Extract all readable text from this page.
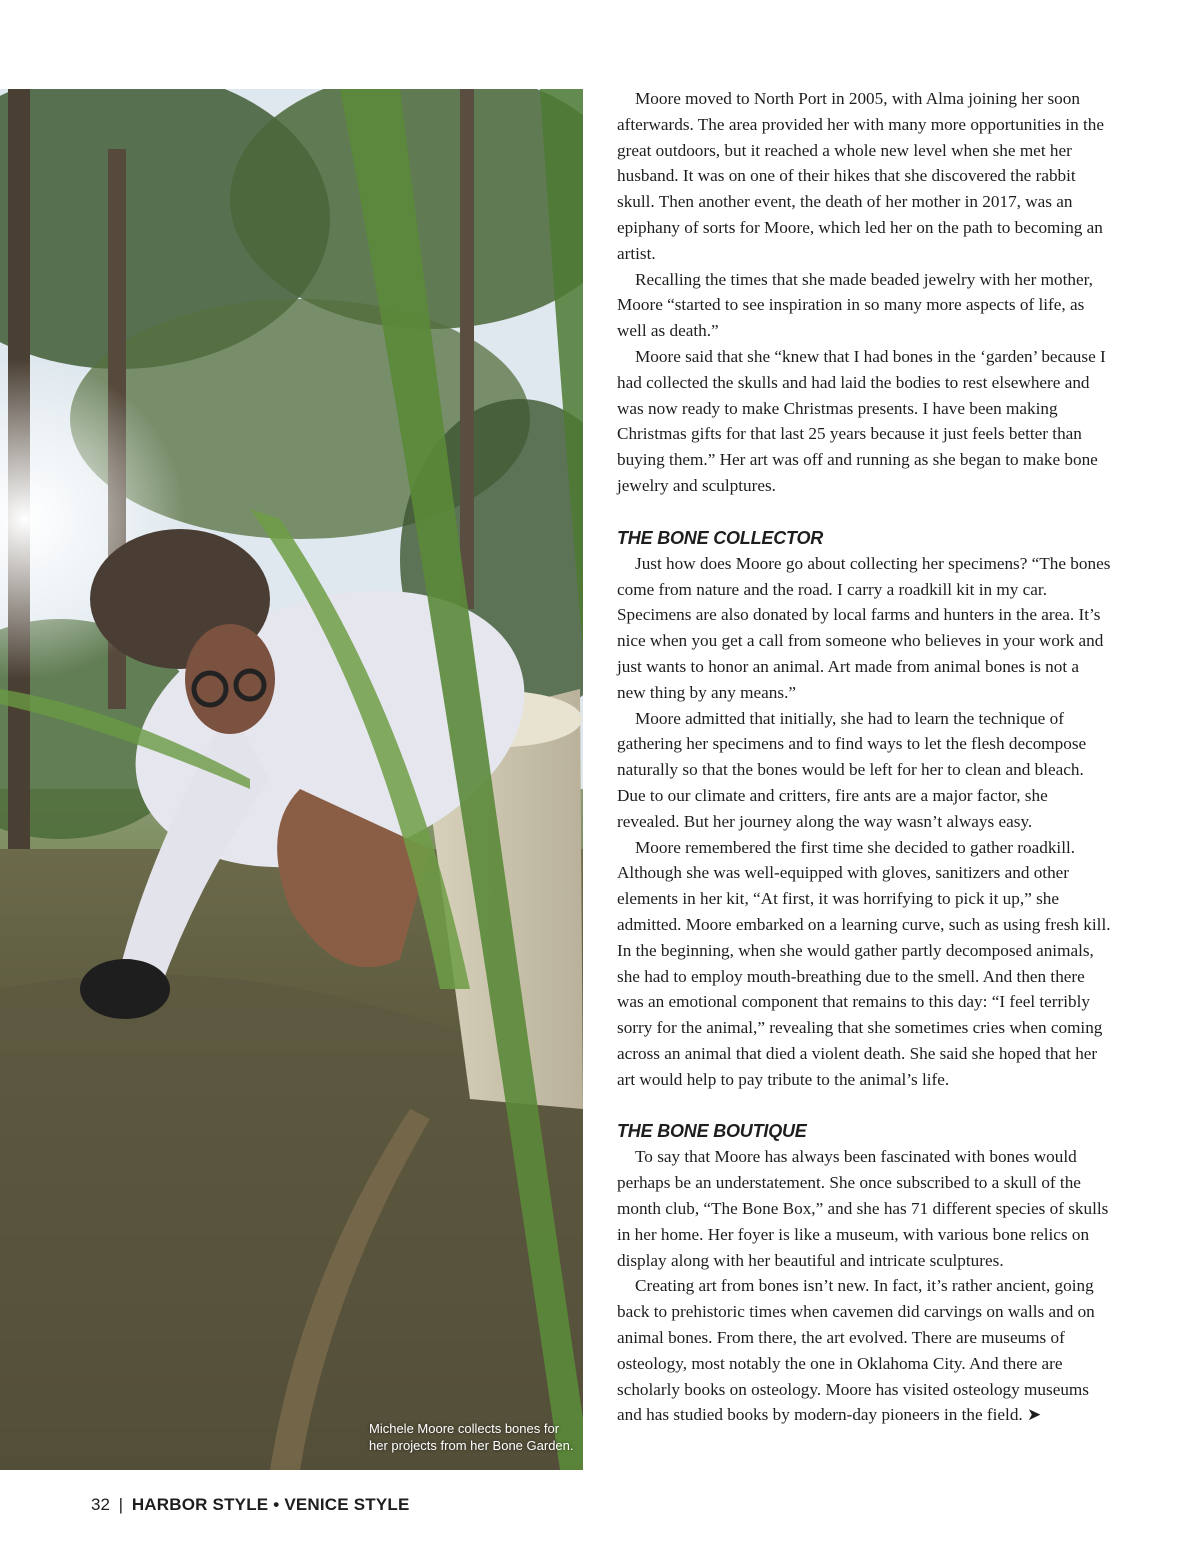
Michele Moore collects bones for
her projects from her Bone Garden.

Moore moved to North Port in 2005, with Alma joining her soon afterwards. The area provided her with many more opportunities in the great outdoors, but it reached a whole new level when she met her husband. It was on one of their hikes that she discovered the rabbit skull. Then another event, the death of her mother in 2017, was an epiphany of sorts for Moore, which led her on the path to becoming an artist.

Recalling the times that she made beaded jewelry with her mother, Moore “started to see inspiration in so many more aspects of life, as well as death.”

Moore said that she “knew that I had bones in the ‘garden’ because I had collected the skulls and had laid the bodies to rest elsewhere and was now ready to make Christmas presents. I have been making Christmas gifts for that last 25 years because it just feels better than buying them.” Her art was off and running as she began to make bone jewelry and sculptures.

THE BONE COLLECTOR

Just how does Moore go about collecting her specimens? “The bones come from nature and the road. I carry a roadkill kit in my car. Specimens are also donated by local farms and hunters in the area. It’s nice when you get a call from someone who believes in your work and just wants to honor an animal. Art made from animal bones is not a new thing by any means.”

Moore admitted that initially, she had to learn the technique of gathering her specimens and to find ways to let the flesh decompose naturally so that the bones would be left for her to clean and bleach. Due to our climate and critters, fire ants are a major factor, she revealed. But her journey along the way wasn’t always easy.

Moore remembered the first time she decided to gather roadkill. Although she was well-equipped with gloves, sanitizers and other elements in her kit, “At first, it was horrifying to pick it up,” she admitted. Moore embarked on a learning curve, such as using fresh kill. In the beginning, when she would gather partly decomposed animals, she had to employ mouth-breathing due to the smell. And then there was an emotional component that remains to this day: “I feel terribly sorry for the animal,” revealing that she sometimes cries when coming across an animal that died a violent death. She said she hoped that her art would help to pay tribute to the animal’s life.

THE BONE BOUTIQUE

To say that Moore has always been fascinated with bones would perhaps be an understatement. She once subscribed to a skull of the month club, “The Bone Box,” and she has 71 different species of skulls in her home. Her foyer is like a museum, with various bone relics on display along with her beautiful and intricate sculptures.

Creating art from bones isn’t new. In fact, it’s rather ancient, going back to prehistoric times when cavemen did carvings on walls and on animal bones. From there, the art evolved. There are museums of osteology, most notably the one in Oklahoma City. And there are scholarly books on osteology. Moore has visited osteology museums and has studied books by modern-day pioneers in the field. ➤

32 | HARBOR STYLE • VENICE STYLE
